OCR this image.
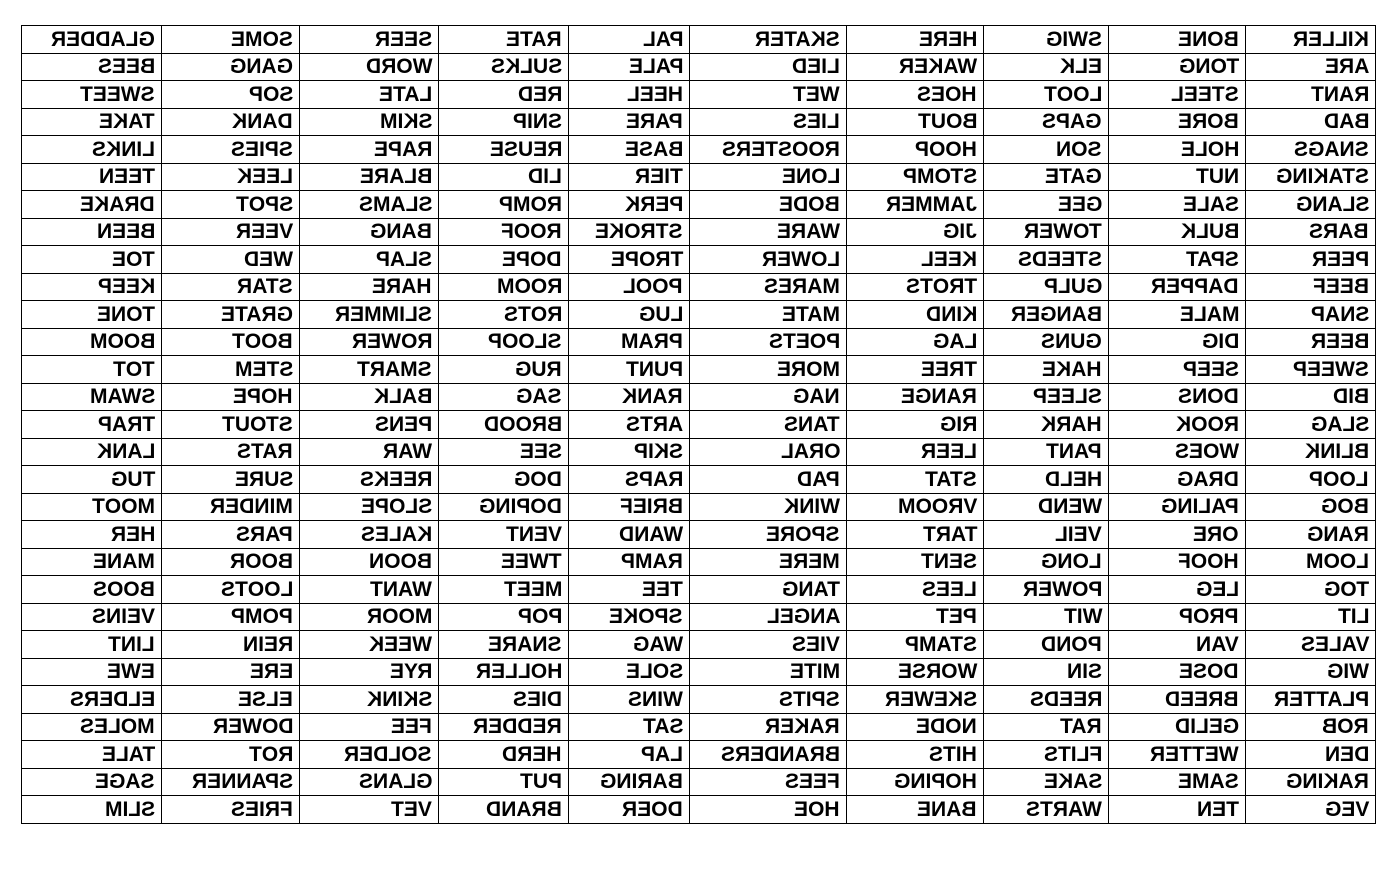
GLADDER	SOME	SEER	RATE	PAL	SKATER	HERE	SWIG	BONE	KILLER
BEES	GANG	WORD	SULKS	PALE	LIED	WAKER	ELK	TONG	ARE
SWEET	SOP	LATE	RED	HEEL	WET	HOES	LOOT	STEEL	RANT
TAKE	DANK	SKIM	SNIP	PARE	LIES	BOUT	GAPS	BORE	BAD
LINKS	SPIES	RAPE	REUSE	BASE	ROOSTERS	HOOP	SON	HOLE	SNAGS
TEEN	LEEK	BLARE	LID	TIER	LONE	STOMP	GATE	NUT	STAKING
DRAKE	SPOT	SLAMS	ROMP	PERK	BODE	JAMMER	GEE	SALE	SLANG
BEEN	VEER	BANG	ROOF	STROKE	WARE	JIG	TOWER	BULK	BARS
TOE	WED	SLAP	DOPE	TROPE	LOWER	KEEL	STEEDS	SPAT	PEER
KEEP	STAR	HARE	ROOM	POOL	MARES	TROTS	GULP	DAPPER	BEEF
TONE	GRATE	SLIMMER	ROTS	LUG	MATE	KIND	BANGER	MALE	SNAP
BOOM	BOOT	ROWER	SLOOP	PRAM	POETS	LAG	GUNS	DIG	BEER
TOT	STEM	SMART	RUG	PUNT	MORE	TREE	HAKE	SEEP	SWEEP
SWAM	HOPE	BALK	SAG	RANK	NAG	RANGE	SLEEP	DONS	BID
TRAP	STOUT	PENS	BROOD	ARTS	TANS	RIG	HARK	ROOK	SLAG
LANK	RATS	WAR	SEE	SKIP	ORAL	LEER	PANT	WOES	BLINK
TUG	SURE	REEKS	DOG	RAPS	PAD	STAT	HELD	DRAG	LOOP
MOOT	MINDER	SLOPE	DOPING	BRIEF	WINK	VROOM	WEND	PALING	BOG
HER	PARS	KALES	VENT	WAND	SPORE	TART	VEIL	ORE	RANG
MANE	BOOR	BOON	TWEE	RAMP	MERE	SENT	LONG	HOOF	LOOM
BOOS	LOOTS	WANT	MEET	TEE	TANG	LEES	POWER	LEG	TOG
VEINS	POMP	MOOR	POP	SPOKE	ANGEL	PET	WIT	PROP	LIT
LINT	REIN	WEEK	SNARE	WAG	VIES	STAMP	POND	VAN	VALES
EWE	ERE	RYE	HOLLER	SOLE	MITE	WORSE	SIN	DOSE	WIG
ELDERS	ELSE	SKINK	DIES	WINS	SPITS	SKEWER	REEDS	BREED	PLATTER
MOLES	DOWER	FEE	REDDER	SAT	RAKER	NODE	RAT	GELID	ROB
TALE	ROT	SOLDER	HERD	LAP	BRANDERS	HITS	FLITS	WETTER	DEN
SAGE	SPANNER	GLANS	PUT	BARING	FEES	HOPING	SAKE	SAME	RAKING
SLIM	FRIES	VET	BRAND	DOER	HOE	BANE	WARTS	TEN	VEG
